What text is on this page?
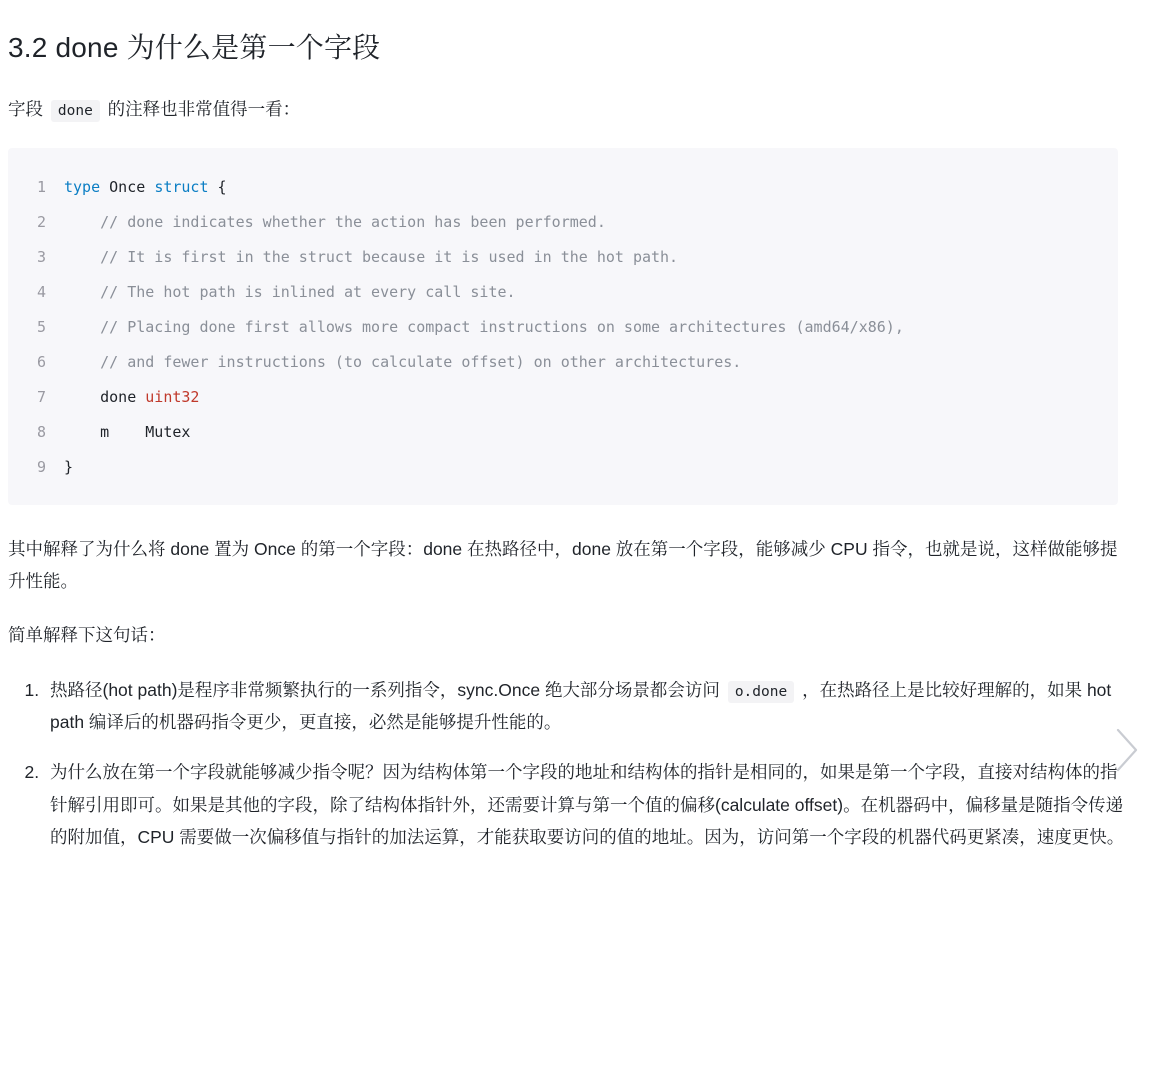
3.2 done 为什么是第一个字段

字段 done 的注释也非常值得一看：

1	type Once struct {
2	// done indicates whether the action has been performed.
3	// It is first in the struct because it is used in the hot path.
4	// The hot path is inlined at every call site.
5	// Placing done first allows more compact instructions on some architectures (amd64/x86),
6	// and fewer instructions (to calculate offset) on other architectures.
7	done uint32
8	m    Mutex
9	}

其中解释了为什么将 done 置为 Once 的第一个字段：done 在热路径中，done 放在第一个字段，能够减少 CPU 指令，也就是说，这样做能够提升性能。

简单解释下这句话：

1. 热路径(hot path)是程序非常频繁执行的一系列指令，sync.Once 绝大部分场景都会访问 o.done ，在热路径上是比较好理解的，如果 hot path 编译后的机器码指令更少，更直接，必然是能够提升性能的。
2. 为什么放在第一个字段就能够减少指令呢？因为结构体第一个字段的地址和结构体的指针是相同的，如果是第一个字段，直接对结构体的指针解引用即可。如果是其他的字段，除了结构体指针外，还需要计算与第一个值的偏移(calculate offset)。在机器码中，偏移量是随指令传递的附加值，CPU 需要做一次偏移值与指针的加法运算，才能获取要访问的值的地址。因为，访问第一个字段的机器代码更紧凑，速度更快。
